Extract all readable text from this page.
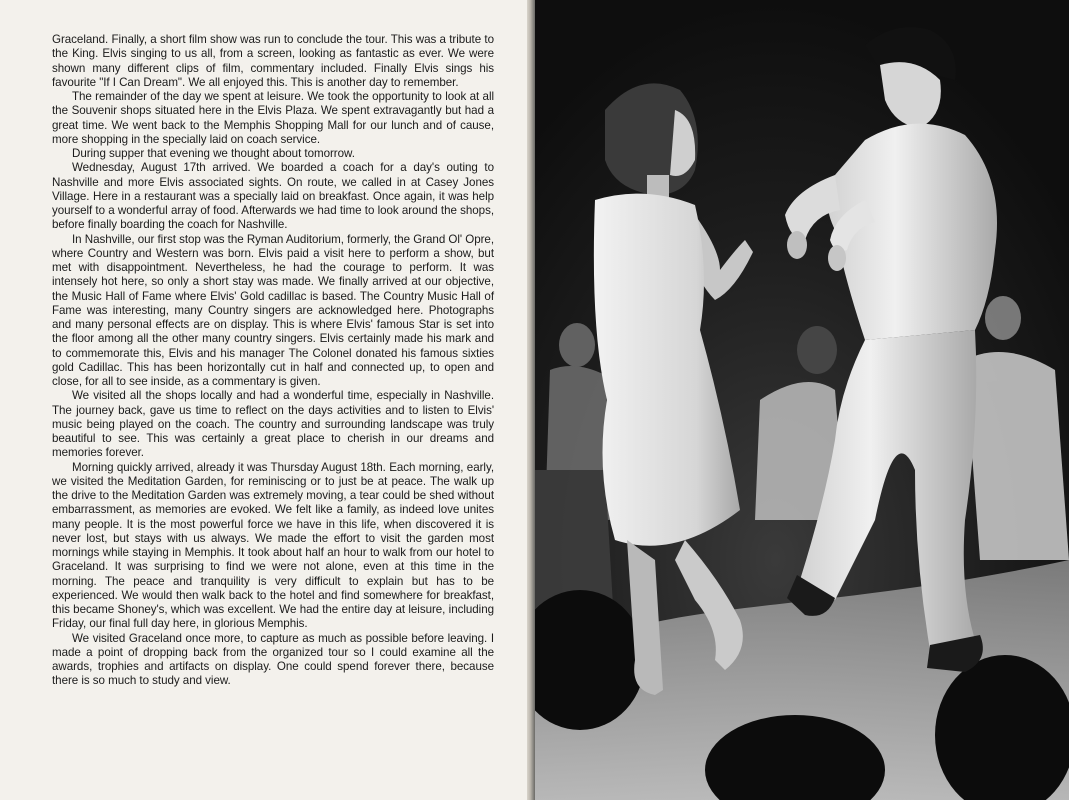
Graceland. Finally, a short film show was run to conclude the tour. This was a tribute to the King. Elvis singing to us all, from a screen, looking as fantastic as ever. We were shown many different clips of film, commentary included. Finally Elvis sings his favourite "If I Can Dream". We all enjoyed this. This is another day to remember.

The remainder of the day we spent at leisure. We took the opportunity to look at all the Souvenir shops situated here in the Elvis Plaza. We spent extravagantly but had a great time. We went back to the Memphis Shopping Mall for our lunch and of cause, more shopping in the specially laid on coach service.

During supper that evening we thought about tomorrow.

Wednesday, August 17th arrived. We boarded a coach for a day's outing to Nashville and more Elvis associated sights. On route, we called in at Casey Jones Village. Here in a restaurant was a specially laid on breakfast. Once again, it was help yourself to a wonderful array of food. Afterwards we had time to look around the shops, before finally boarding the coach for Nashville.

In Nashville, our first stop was the Ryman Auditorium, formerly, the Grand Ol' Opre, where Country and Western was born. Elvis paid a visit here to perform a show, but met with disappointment. Nevertheless, he had the courage to perform. It was intensely hot here, so only a short stay was made. We finally arrived at our objective, the Music Hall of Fame where Elvis' Gold cadillac is based. The Country Music Hall of Fame was interesting, many Country singers are acknowledged here. Photographs and many personal effects are on display. This is where Elvis' famous Star is set into the floor among all the other many country singers. Elvis certainly made his mark and to commemorate this, Elvis and his manager The Colonel donated his famous sixties gold Cadillac. This has been horizontally cut in half and connected up, to open and close, for all to see inside, as a commentary is given.

We visited all the shops locally and had a wonderful time, especially in Nashville. The journey back, gave us time to reflect on the days activities and to listen to Elvis' music being played on the coach. The country and surrounding landscape was truly beautiful to see. This was certainly a great place to cherish in our dreams and memories forever.

Morning quickly arrived, already it was Thursday August 18th. Each morning, early, we visited the Meditation Garden, for reminiscing or to just be at peace. The walk up the drive to the Meditation Garden was extremely moving, a tear could be shed without embarrassment, as memories are evoked. We felt like a family, as indeed love unites many people. It is the most powerful force we have in this life, when discovered it is never lost, but stays with us always. We made the effort to visit the garden most mornings while staying in Memphis. It took about half an hour to walk from our hotel to Graceland. It was surprising to find we were not alone, even at this time in the morning. The peace and tranquility is very difficult to explain but has to be experienced. We would then walk back to the hotel and find somewhere for breakfast, this became Shoney's, which was excellent. We had the entire day at leisure, including Friday, our final full day here, in glorious Memphis.

We visited Graceland once more, to capture as much as possible before leaving. I made a point of dropping back from the organized tour so I could examine all the awards, trophies and artifacts on display. One could spend forever there, because there is so much to study and view.
